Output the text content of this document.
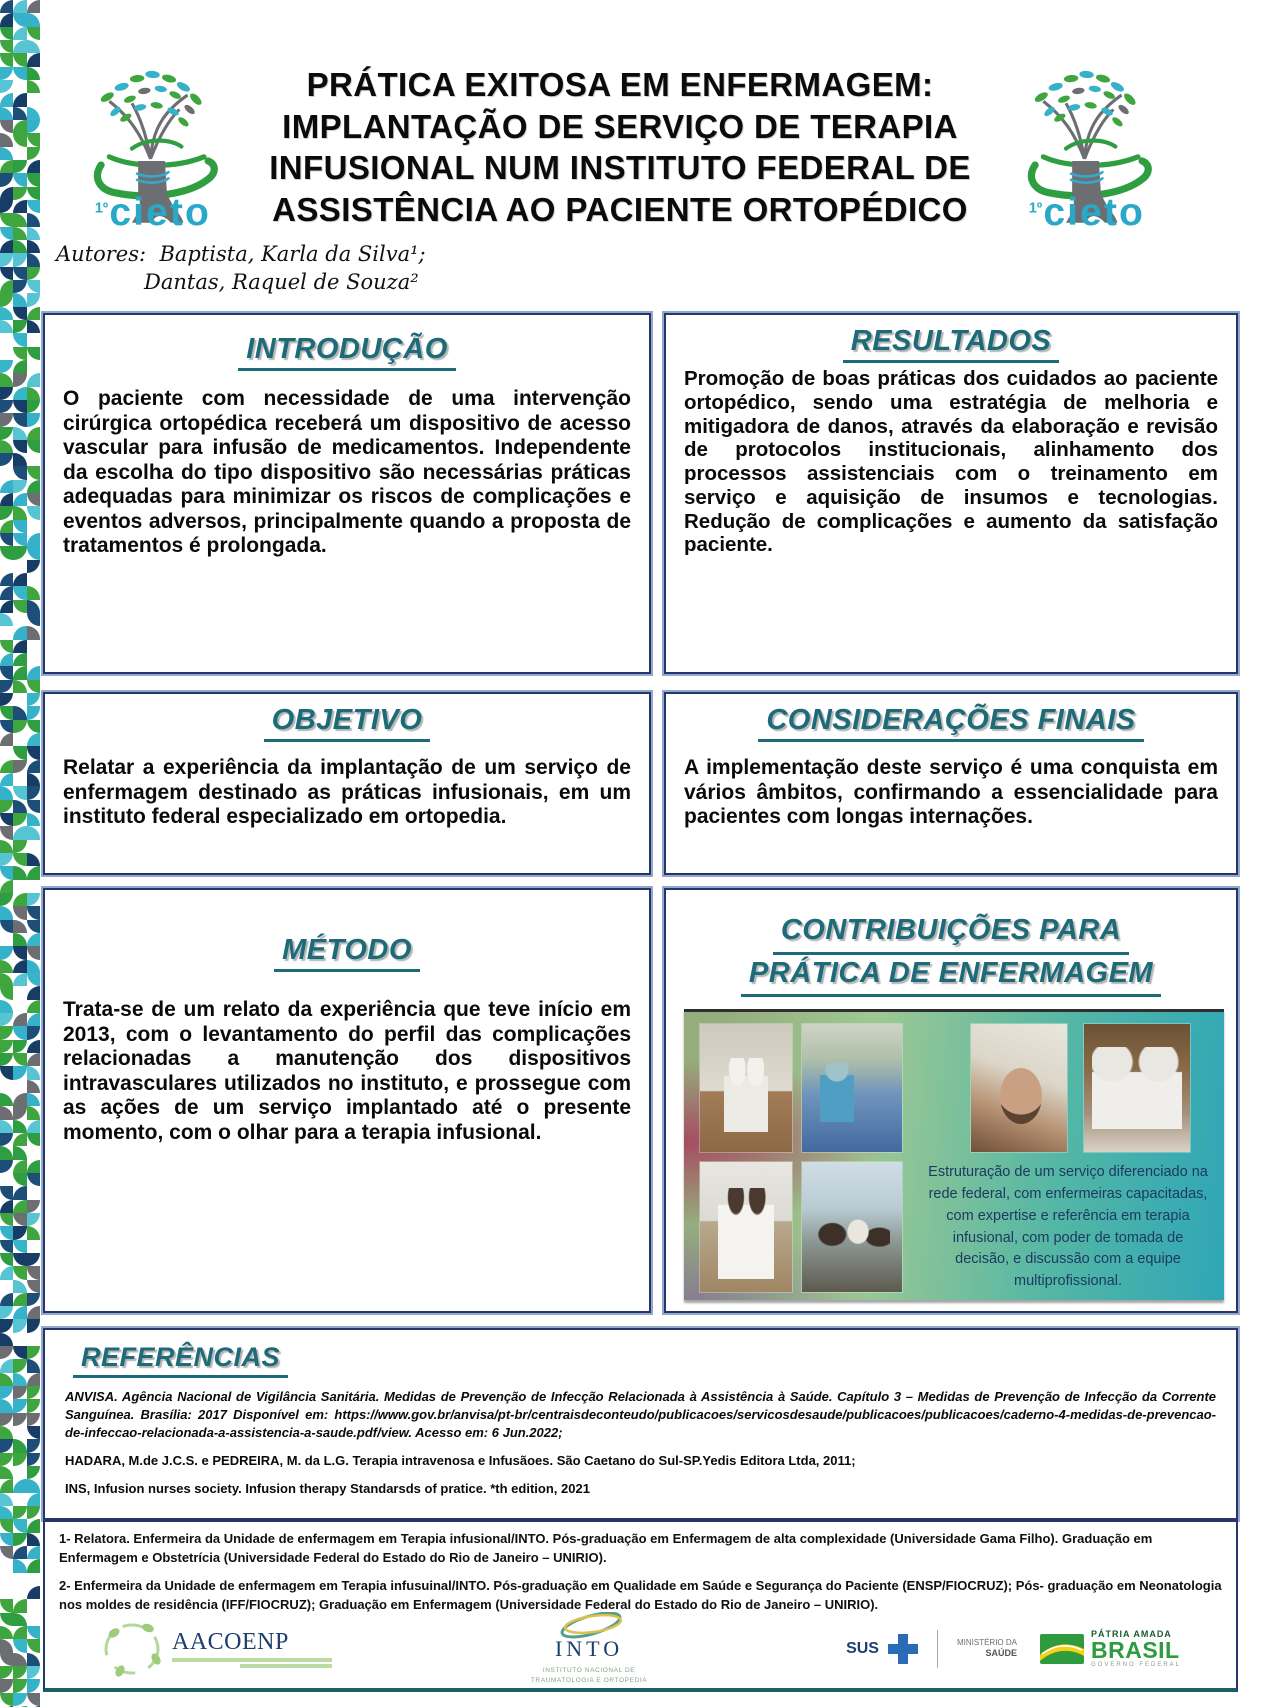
PRÁTICA EXITOSA EM ENFERMAGEM:
IMPLANTAÇÃO DE SERVIÇO DE TERAPIA
INFUSIONAL NUM INSTITUTO FEDERAL DE
ASSISTÊNCIA AO PACIENTE ORTOPÉDICO
Autores: Baptista, Karla da Silva¹;
Dantas, Raquel de Souza²
INTRODUÇÃO
O paciente com necessidade de uma intervenção cirúrgica ortopédica receberá um dispositivo de acesso vascular para infusão de medicamentos. Independente da escolha do tipo dispositivo são necessárias práticas adequadas para minimizar os riscos de complicações e eventos adversos, principalmente quando a proposta de tratamentos é prolongada.
RESULTADOS
Promoção de boas práticas dos cuidados ao paciente ortopédico, sendo uma estratégia de melhoria e mitigadora de danos, através da elaboração e revisão de protocolos institucionais, alinhamento dos processos assistenciais com o treinamento em serviço e aquisição de insumos e tecnologias. Redução de complicações e aumento da satisfação paciente.
OBJETIVO
Relatar a experiência da implantação de um serviço de enfermagem destinado as práticas infusionais, em um instituto federal especializado em ortopedia.
CONSIDERAÇÕES FINAIS
A implementação deste serviço é uma conquista em vários âmbitos, confirmando a essencialidade para pacientes com longas internações.
MÉTODO
Trata-se de um relato da experiência que teve início em 2013, com o levantamento do perfil das complicações relacionadas a manutenção dos dispositivos intravasculares utilizados no instituto, e prossegue com as ações de um serviço implantado até o presente momento, com o olhar para a terapia infusional.
CONTRIBUIÇÕES PARA
PRÁTICA DE ENFERMAGEM
Estruturação de um serviço diferenciado na rede federal, com enfermeiras capacitadas, com expertise e referência em terapia infusional, com poder de tomada de decisão, e discussão com a equipe multiprofissional.
REFERÊNCIAS

ANVISA. Agência Nacional de Vigilância Sanitária. Medidas de Prevenção de Infecção Relacionada à Assistência à Saúde. Capítulo 3 – Medidas de Prevenção de Infecção da Corrente Sanguínea. Brasília: 2017 Disponível em: https://www.gov.br/anvisa/pt-br/centraisdeconteudo/publicacoes/servicosdesaude/publicacoes/publicacoes/caderno-4-medidas-de-prevencao-de-infeccao-relacionada-a-assistencia-a-saude.pdf/view. Acesso em: 6 Jun.2022;

HADARA, M.de J.C.S. e PEDREIRA, M. da L.G. Terapia intravenosa e Infusãoes. São Caetano do Sul-SP.Yedis Editora Ltda, 2011;

INS, Infusion nurses society. Infusion therapy Standarsds of pratice. *th edition, 2021

1- Relatora. Enfermeira da Unidade de enfermagem em Terapia infusional/INTO. Pós-graduação em Enfermagem de alta complexidade (Universidade Gama Filho). Graduação em Enfermagem e Obstetrícia (Universidade Federal do Estado do Rio de Janeiro – UNIRIO).

2- Enfermeira da Unidade de enfermagem em Terapia infusuinal/INTO. Pós-graduação em Qualidade em Saúde e Segurança do Paciente (ENSP/FIOCRUZ); Pós- graduação em Neonatologia nos moldes de residência (IFF/FIOCRUZ); Graduação em Enfermagem (Universidade Federal do Estado do Rio de Janeiro – UNIRIO).

AACOENP	INTO
INSTITUTO NACIONAL DE TRAUMATOLOGIA E ORTOPEDIA
SUS	MINISTÉRIO DA
SAÚDE
PÁTRIA AMADA
BRASIL
GOVERNO FEDERAL
